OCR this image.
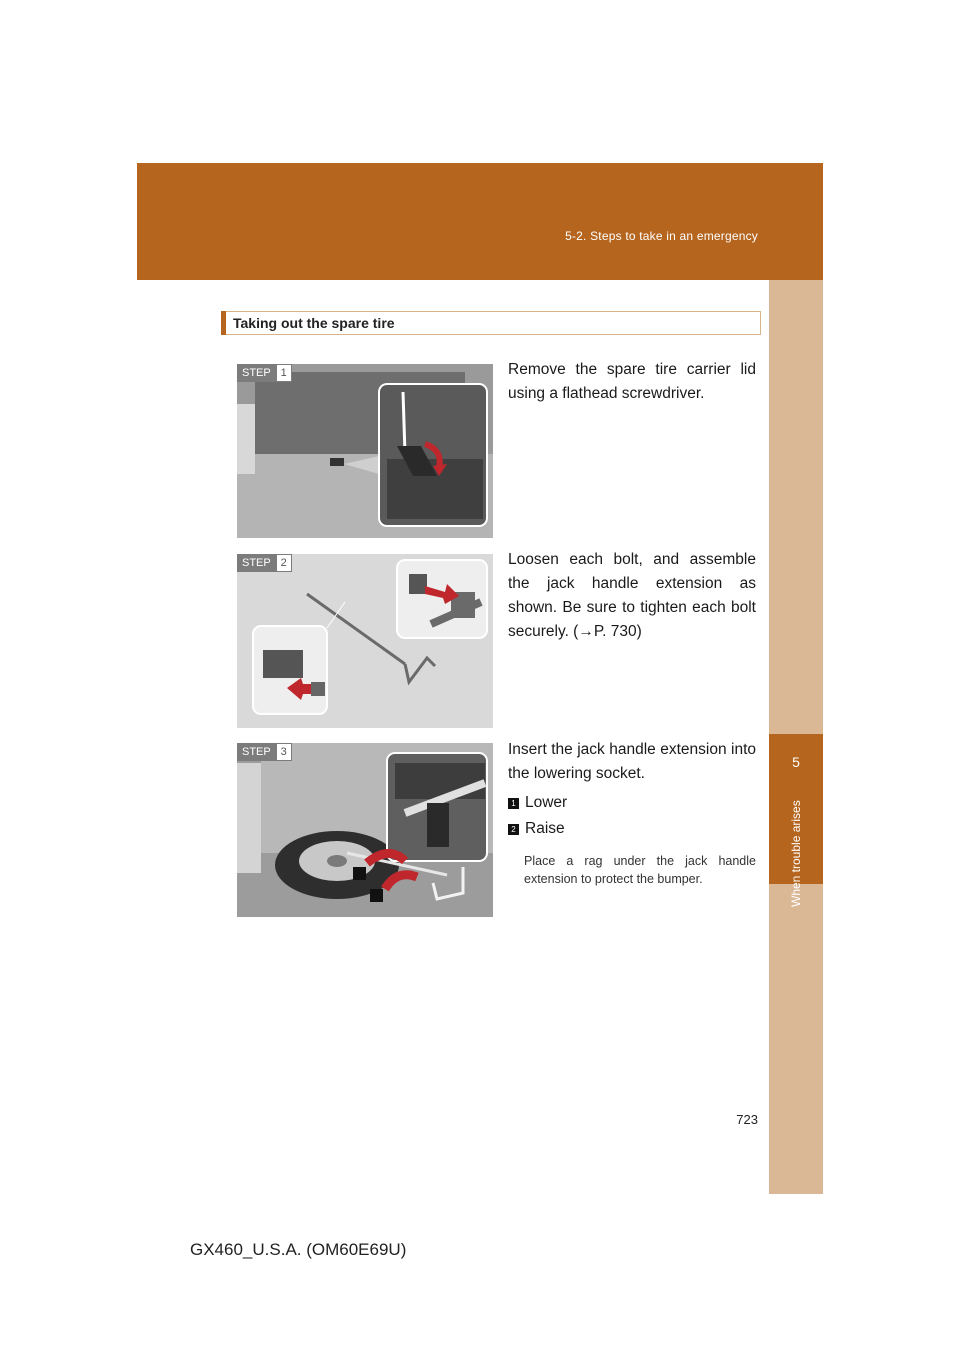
5-2. Steps to take in an emergency
5
When trouble arises
Taking out the spare tire
STEP 1	Remove the spare tire carrier lid using a flathead screwdriver.
STEP 2	Loosen each bolt, and assemble the jack handle extension as shown. Be sure to tighten each bolt securely. (→P. 730)
STEP 3	Insert the jack handle extension into the lowering socket.
1 Lower
2 Raise
Place a rag under the jack handle extension to protect the bumper.
723
GX460_U.S.A. (OM60E69U)
